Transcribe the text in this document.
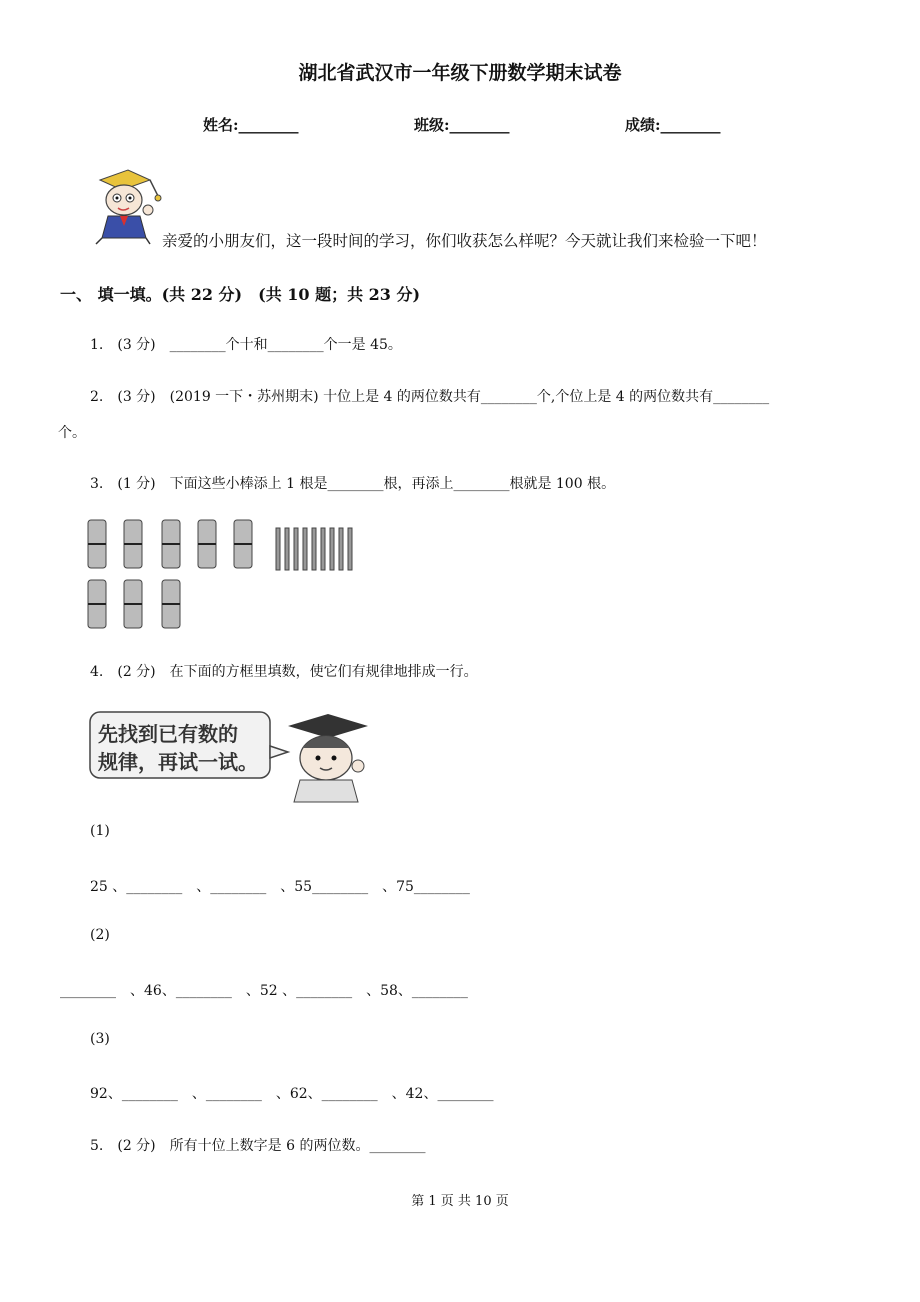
湖北省武汉市一年级下册数学期末试卷
姓名:________	班级:________	成绩:________
亲爱的小朋友们，这一段时间的学习，你们收获怎么样呢？今天就让我们来检验一下吧！
一、 填一填。(共 22 分)　(共 10 题；共 23 分)
1.　(3 分)　________个十和________个一是 45。
2.　(3 分)　(2019 一下・苏州期末) 十位上是 4 的两位数共有________个,个位上是 4 的两位数共有________
个。
3.　(1 分)　下面这些小棒添上 1 根是________根，再添上________根就是 100 根。
4.　(2 分)　在下面的方框里填数，使它们有规律地排成一行。
先找到已有数的
规律，再试一试。
(1)
25 、________　、________　、55________　、75________
(2)
________　、46、________　、52 、________　、58、________
(3)
92、________　、________　、62、________　、42、________
5.　(2 分)　所有十位上数字是 6 的两位数。________
第 1 页 共 10 页
